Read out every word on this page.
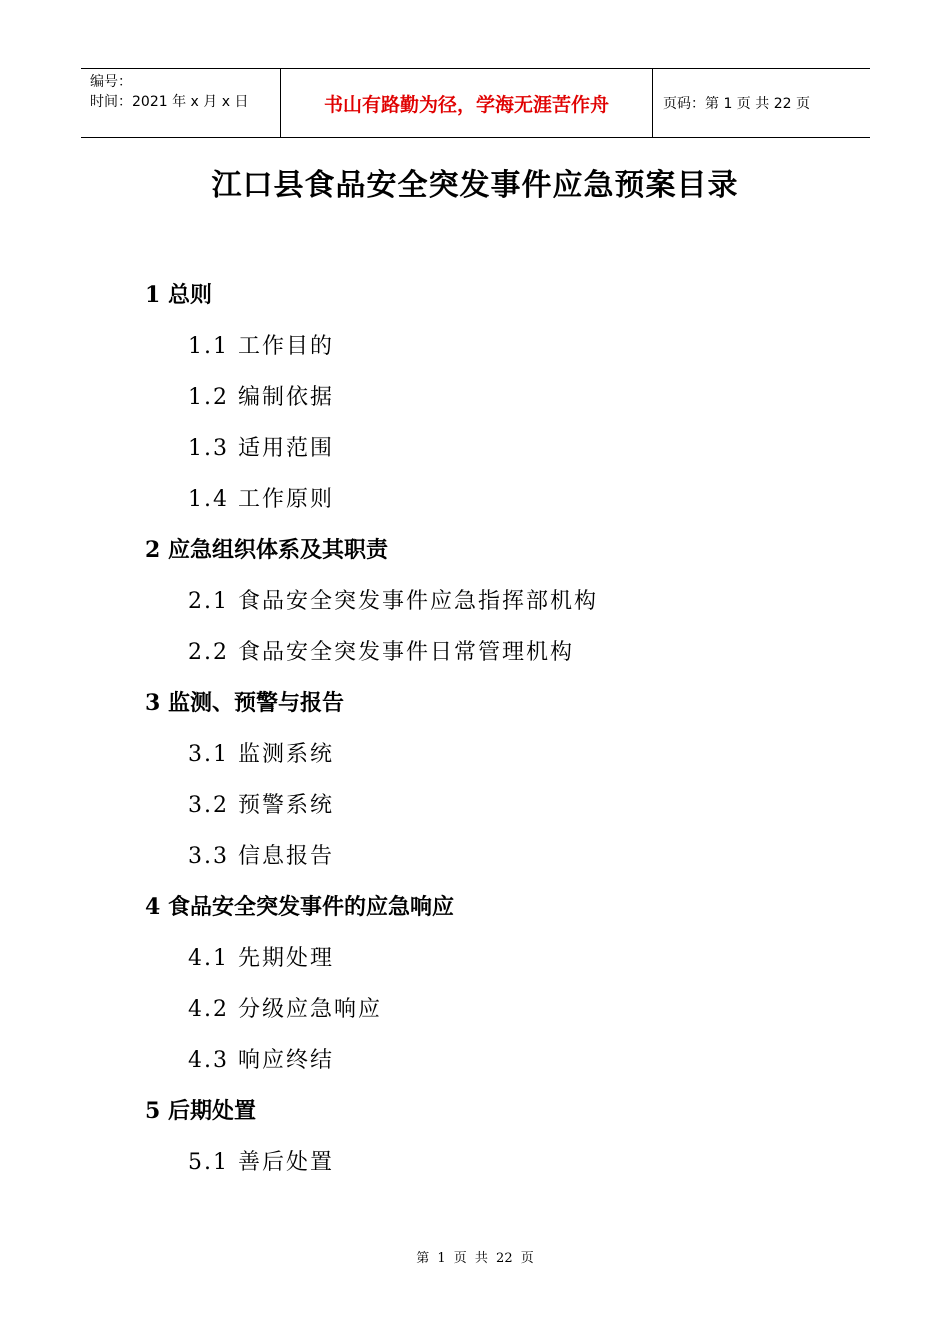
编号：
时间：2021 年 x 月 x 日	书山有路勤为径，学海无涯苦作舟	页码：第 1 页 共 22 页
江口县食品安全突发事件应急预案目录
1 总则
1.1 工作目的
1.2 编制依据
1.3 适用范围
1.4 工作原则
2 应急组织体系及其职责
2.1 食品安全突发事件应急指挥部机构
2.2 食品安全突发事件日常管理机构
3 监测、预警与报告
3.1 监测系统
3.2 预警系统
3.3 信息报告
4 食品安全突发事件的应急响应
4.1 先期处理
4.2 分级应急响应
4.3 响应终结
5 后期处置
5.1 善后处置
第 1 页 共 22 页
